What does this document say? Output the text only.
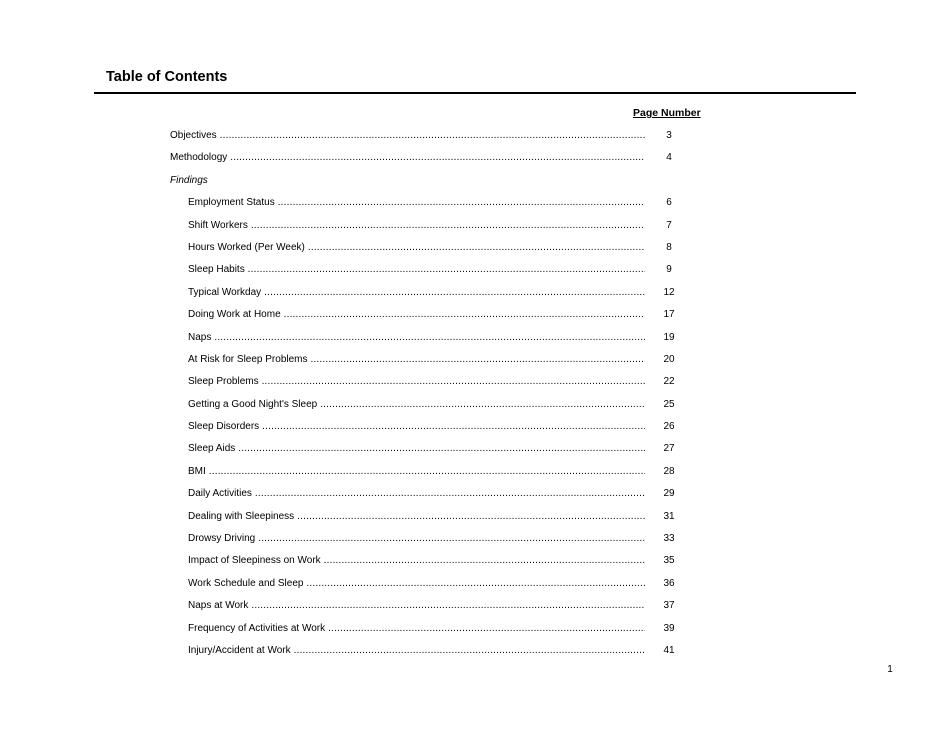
Table of Contents
Page Number
Objectives .....	3
Methodology .....	4
Findings
Employment Status .....	6
Shift Workers .....	7
Hours Worked (Per Week) .....	8
Sleep Habits .....	9
Typical Workday .....	12
Doing Work at Home .....	17
Naps .....	19
At Risk for Sleep Problems .....	20
Sleep Problems .....	22
Getting a Good Night's Sleep .....	25
Sleep Disorders .....	26
Sleep Aids .....	27
BMI .....	28
Daily Activities .....	29
Dealing with Sleepiness .....	31
Drowsy Driving .....	33
Impact of Sleepiness on Work .....	35
Work Schedule and Sleep .....	36
Naps at Work .....	37
Frequency of Activities at Work .....	39
Injury/Accident at Work .....	41
1
